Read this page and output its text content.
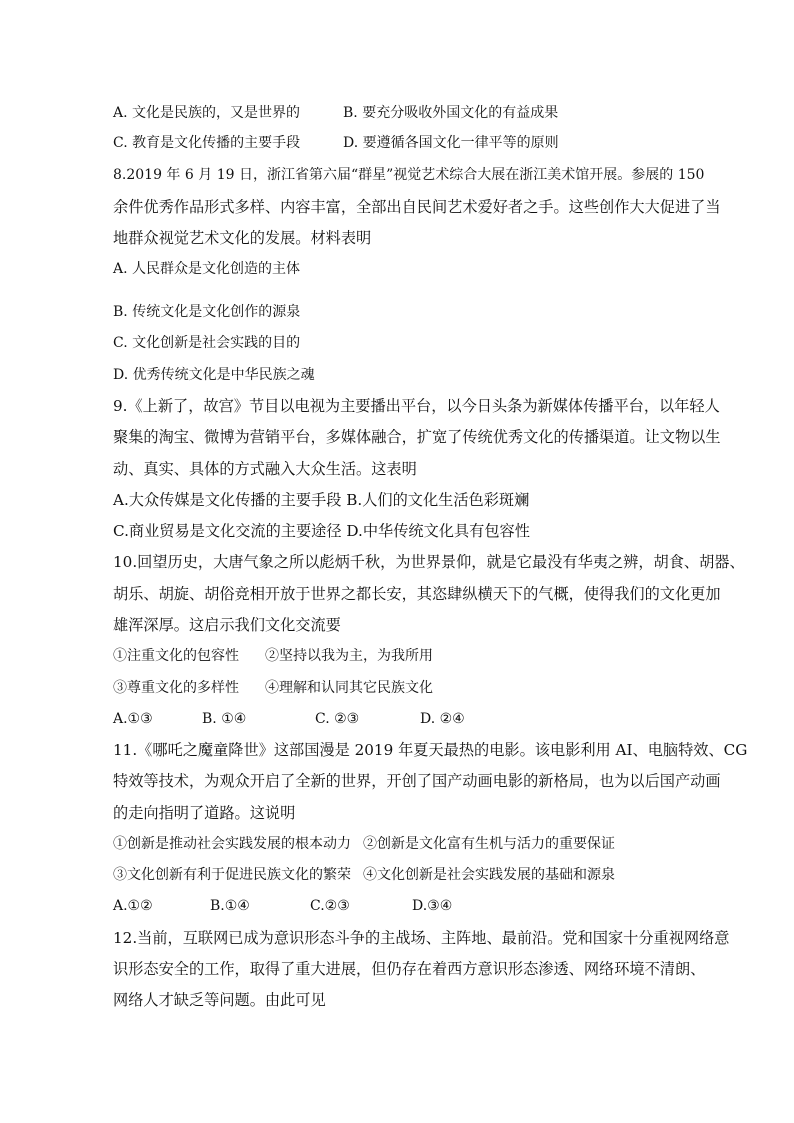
A. 文化是民族的，又是世界的	B. 要充分吸收外国文化的有益成果
C. 教育是文化传播的主要手段	D. 要遵循各国文化一律平等的原则
8.2019 年 6 月 19 日，浙江省第六届“群星”视觉艺术综合大展在浙江美术馆开展。参展的 150
余件优秀作品形式多样、内容丰富，全部出自民间艺术爱好者之手。这些创作大大促进了当
地群众视觉艺术文化的发展。材料表明
A. 人民群众是文化创造的主体
B. 传统文化是文化创作的源泉
C. 文化创新是社会实践的目的
D. 优秀传统文化是中华民族之魂
9.《上新了，故宫》节目以电视为主要播出平台，以今日头条为新媒体传播平台，以年轻人
聚集的淘宝、微博为营销平台，多媒体融合，扩宽了传统优秀文化的传播渠道。让文物以生
动、真实、具体的方式融入大众生活。这表明
A.大众传媒是文化传播的主要手段 B.人们的文化生活色彩斑斓
C.商业贸易是文化交流的主要途径 D.中华传统文化具有包容性
10.回望历史，大唐气象之所以彪炳千秋，为世界景仰，就是它最没有华夷之辨，胡食、胡器、
胡乐、胡旋、胡俗竞相开放于世界之都长安，其恣肆纵横天下的气概，使得我们的文化更加
雄浑深厚。这启示我们文化交流要
①注重文化的包容性 ②坚持以我为主，为我所用
③尊重文化的多样性 ④理解和认同其它民族文化
A.①③	B. ①④	C. ②③	D. ②④
11.《哪吒之魔童降世》这部国漫是 2019 年夏天最热的电影。该电影利用 AI、电脑特效、CG
特效等技术，为观众开启了全新的世界，开创了国产动画电影的新格局，也为以后国产动画
的走向指明了道路。这说明
①创新是推动社会实践发展的根本动力 ②创新是文化富有生机与活力的重要保证
③文化创新有利于促进民族文化的繁荣 ④文化创新是社会实践发展的基础和源泉
A.①②	B.①④	C.②③	D.③④
12.当前，互联网已成为意识形态斗争的主战场、主阵地、最前沿。党和国家十分重视网络意
识形态安全的工作，取得了重大进展，但仍存在着西方意识形态渗透、网络环境不清朗、
网络人才缺乏等问题。由此可见
